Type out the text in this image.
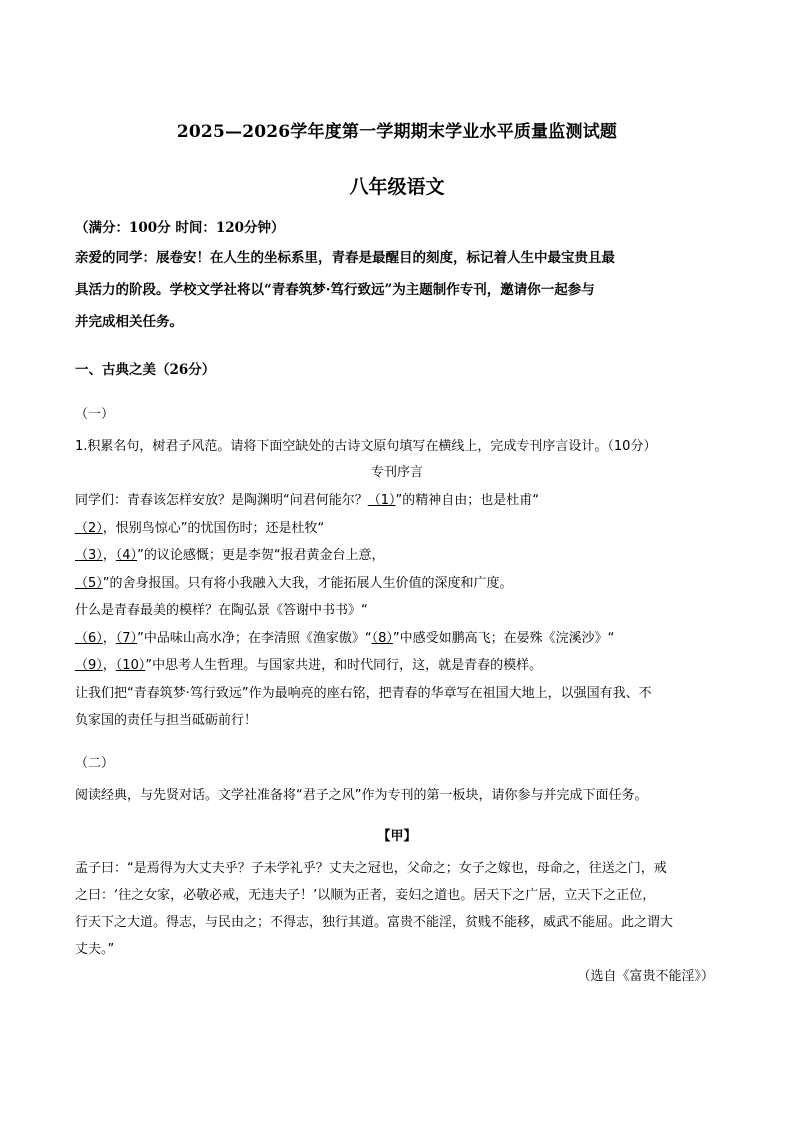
2025—2026学年度第一学期期末学业水平质量监测试题
八年级语文
（满分：100分 时间：120分钟）
亲爱的同学：展卷安！在人生的坐标系里，青春是最醒目的刻度，标记着人生中最宝贵且最
具活力的阶段。学校文学社将以“青春筑梦·笃行致远”为主题制作专刊，邀请你一起参与
并完成相关任务。
一、古典之美（26分）
（一）
1.积累名句，树君子风范。请将下面空缺处的古诗文原句填写在横线上，完成专刊序言设计。（10分）
专刊序言
同学们：青春该怎样安放？是陶渊明“问君何能尔？（1）”的精神自由；也是杜甫“
（2），恨别鸟惊心”的忧国伤时；还是杜牧“
（3），（4）”的议论感慨；更是李贺“报君黄金台上意，
（5）”的舍身报国。只有将小我融入大我，才能拓展人生价值的深度和广度。
什么是青春最美的模样？在陶弘景《答谢中书书》“
（6），（7）”中品味山高水净；在李清照《渔家傲》“（8）”中感受如鹏高飞；在晏殊《浣溪沙》“
（9），（10）”中思考人生哲理。与国家共进，和时代同行，这，就是青春的模样。
让我们把“青春筑梦·笃行致远”作为最响亮的座右铭，把青春的华章写在祖国大地上，以强国有我、不
负家国的责任与担当砥砺前行！
（二）
阅读经典，与先贤对话。文学社准备将“君子之风”作为专刊的第一板块，请你参与并完成下面任务。
【甲】
孟子曰：“是焉得为大丈夫乎？子未学礼乎？丈夫之冠也，父命之；女子之嫁也，母命之，往送之门，戒
之曰：‘往之女家，必敬必戒，无违夫子！’以顺为正者，妾妇之道也。居天下之广居，立天下之正位，
行天下之大道。得志，与民由之；不得志，独行其道。富贵不能淫，贫贱不能移，威武不能屈。此之谓大
丈夫。”
（选自《富贵不能淫》）
